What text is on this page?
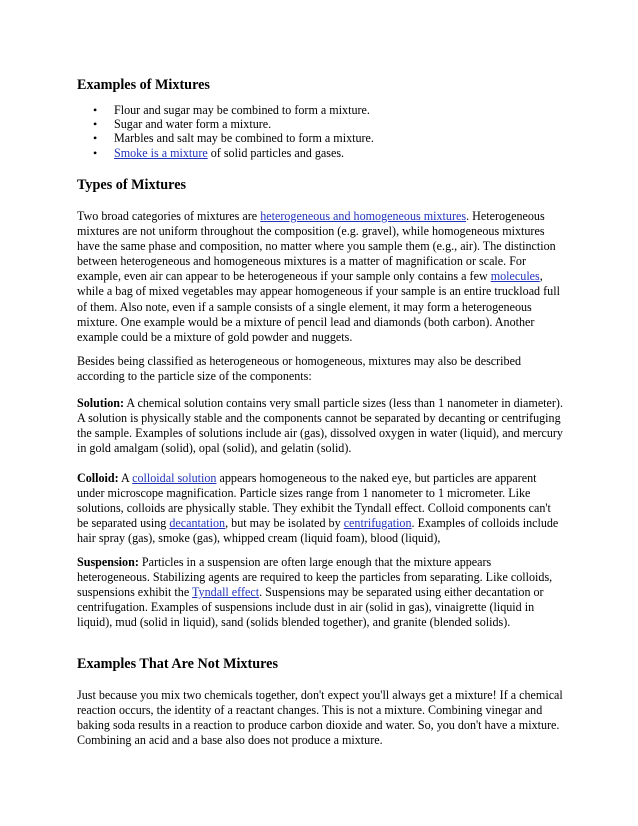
Examples of Mixtures
• Flour and sugar may be combined to form a mixture.
• Sugar and water form a mixture.
• Marbles and salt may be combined to form a mixture.
• Smoke is a mixture of solid particles and gases.
Types of Mixtures

Two broad categories of mixtures are heterogeneous and homogeneous mixtures. Heterogeneous mixtures are not uniform throughout the composition (e.g. gravel), while homogeneous mixtures have the same phase and composition, no matter where you sample them (e.g., air). The distinction between heterogeneous and homogeneous mixtures is a matter of magnification or scale. For example, even air can appear to be heterogeneous if your sample only contains a few molecules, while a bag of mixed vegetables may appear homogeneous if your sample is an entire truckload full of them. Also note, even if a sample consists of a single element, it may form a heterogeneous mixture. One example would be a mixture of pencil lead and diamonds (both carbon). Another example could be a mixture of gold powder and nuggets.

Besides being classified as heterogeneous or homogeneous, mixtures may also be described according to the particle size of the components:

Solution: A chemical solution contains very small particle sizes (less than 1 nanometer in diameter). A solution is physically stable and the components cannot be separated by decanting or centrifuging the sample. Examples of solutions include air (gas), dissolved oxygen in water (liquid), and mercury in gold amalgam (solid), opal (solid), and gelatin (solid).

Colloid: A colloidal solution appears homogeneous to the naked eye, but particles are apparent under microscope magnification. Particle sizes range from 1 nanometer to 1 micrometer. Like solutions, colloids are physically stable. They exhibit the Tyndall effect. Colloid components can't be separated using decantation, but may be isolated by centrifugation. Examples of colloids include hair spray (gas), smoke (gas), whipped cream (liquid foam), blood (liquid),

Suspension: Particles in a suspension are often large enough that the mixture appears heterogeneous. Stabilizing agents are required to keep the particles from separating. Like colloids, suspensions exhibit the Tyndall effect. Suspensions may be separated using either decantation or centrifugation. Examples of suspensions include dust in air (solid in gas), vinaigrette (liquid in liquid), mud (solid in liquid), sand (solids blended together), and granite (blended solids).

Examples That Are Not Mixtures

Just because you mix two chemicals together, don't expect you'll always get a mixture! If a chemical reaction occurs, the identity of a reactant changes. This is not a mixture. Combining vinegar and baking soda results in a reaction to produce carbon dioxide and water. So, you don't have a mixture. Combining an acid and a base also does not produce a mixture.
